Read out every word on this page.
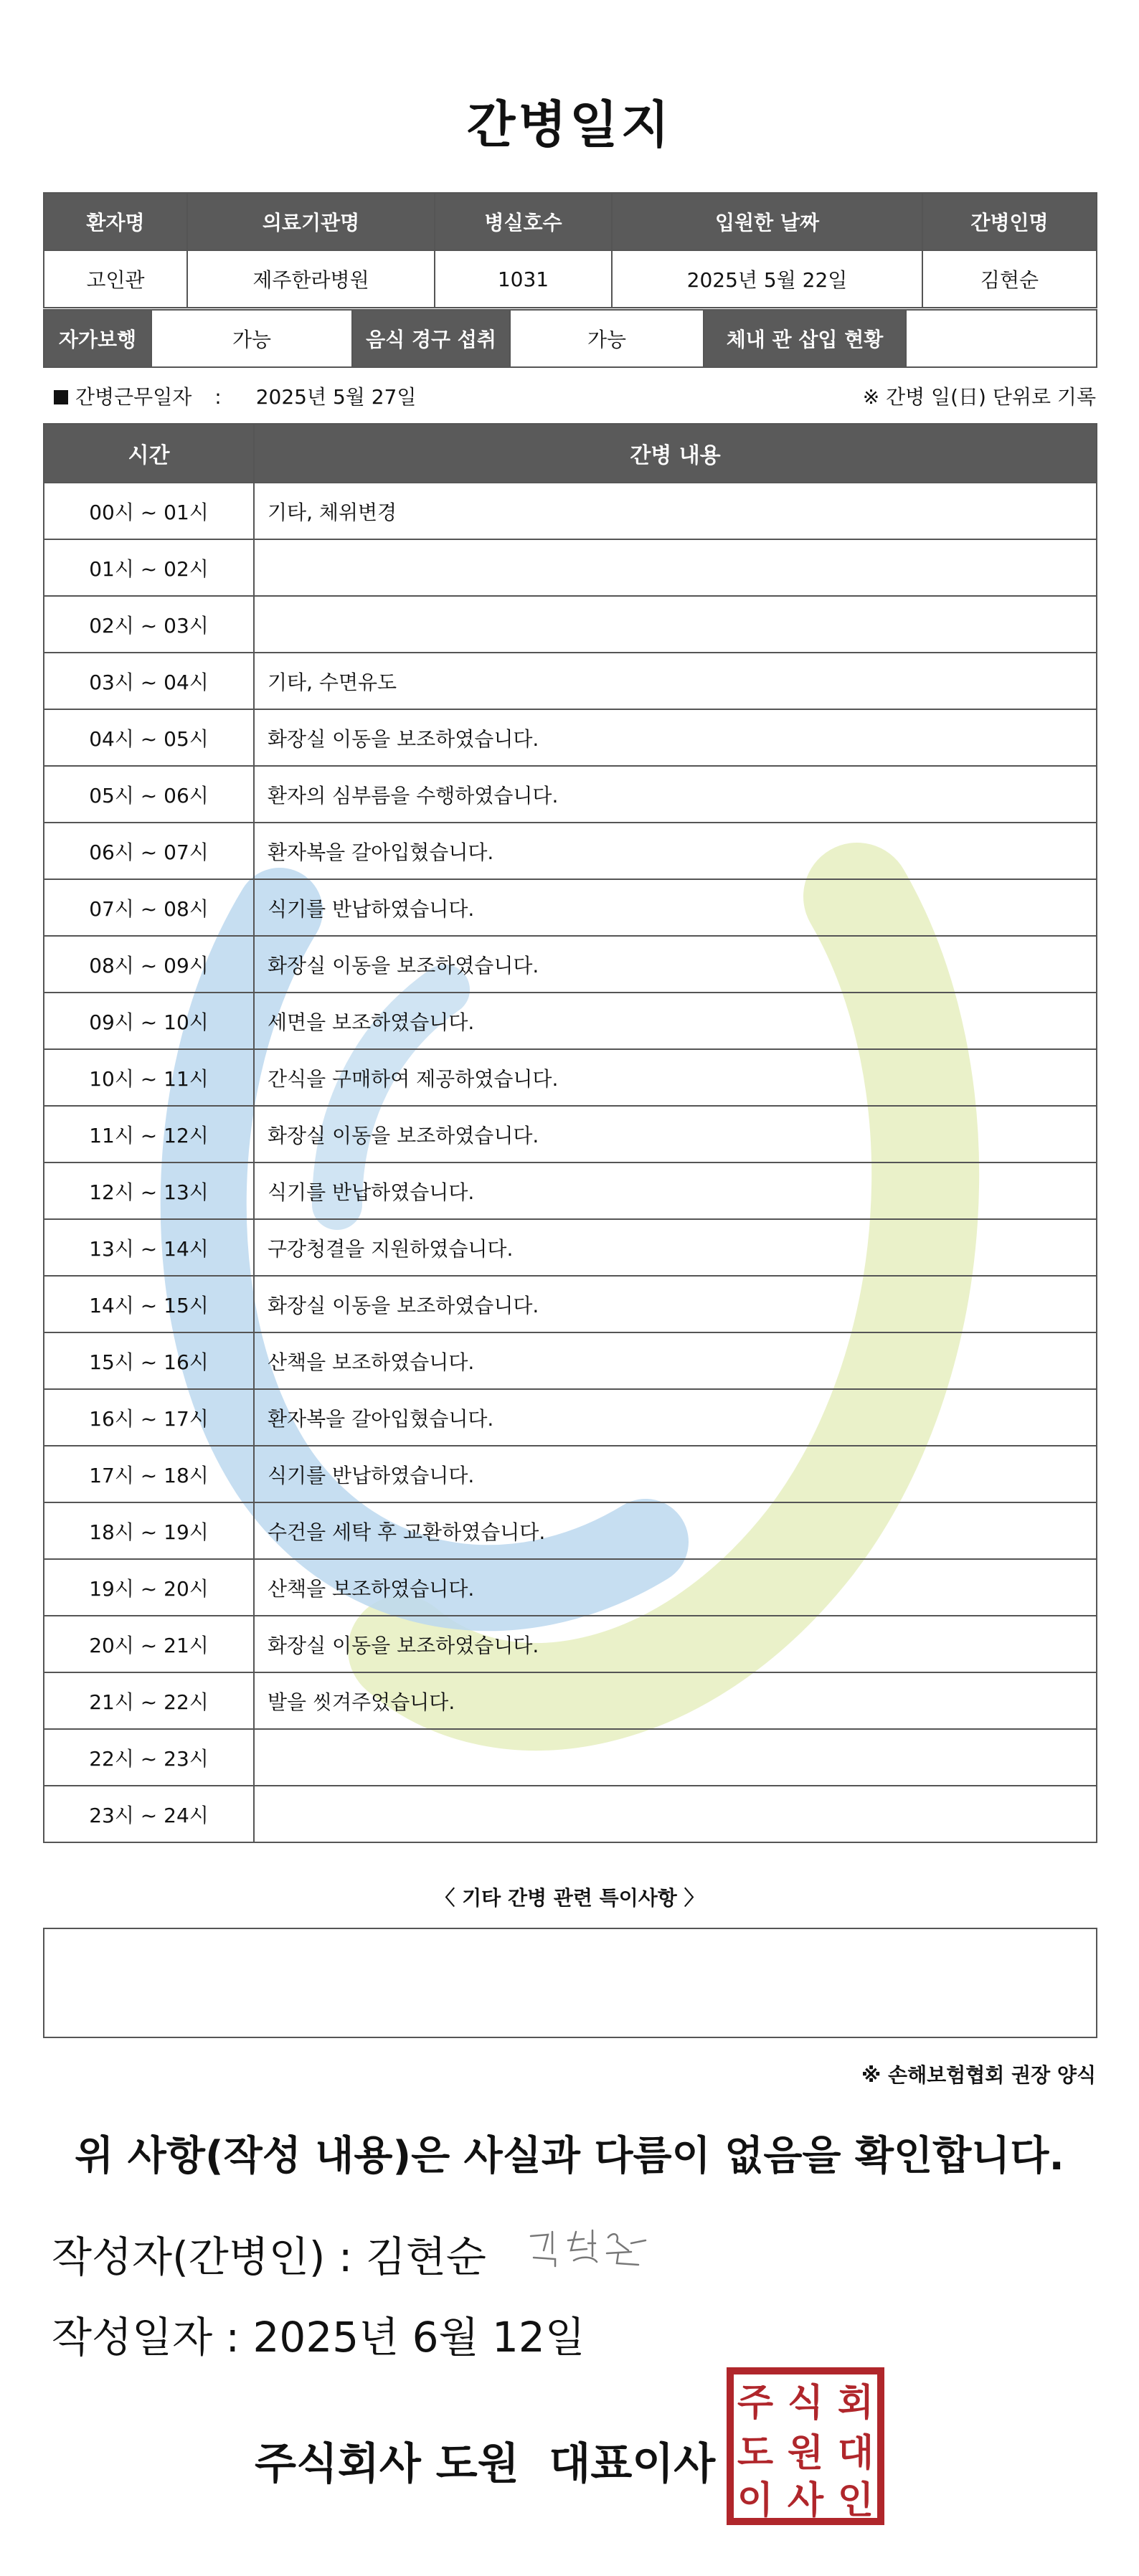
간병일지
환자명	의료기관명	병실호수	입원한 날짜	간병인명
고인관	제주한라병원	1031	2025년 5월 22일	김현순
자가보행	가능	음식 경구 섭취	가능	체내 관 삽입 현황	
간병근무일자 : 2025년 5월 27일	※ 간병 일(日) 단위로 기록
시간	간병 내용
00시 ~ 01시	기타, 체위변경
01시 ~ 02시	
02시 ~ 03시	
03시 ~ 04시	기타, 수면유도
04시 ~ 05시	화장실 이동을 보조하였습니다.
05시 ~ 06시	환자의 심부름을 수행하였습니다.
06시 ~ 07시	환자복을 갈아입혔습니다.
07시 ~ 08시	식기를 반납하였습니다.
08시 ~ 09시	화장실 이동을 보조하였습니다.
09시 ~ 10시	세면을 보조하였습니다.
10시 ~ 11시	간식을 구매하여 제공하였습니다.
11시 ~ 12시	화장실 이동을 보조하였습니다.
12시 ~ 13시	식기를 반납하였습니다.
13시 ~ 14시	구강청결을 지원하였습니다.
14시 ~ 15시	화장실 이동을 보조하였습니다.
15시 ~ 16시	산책을 보조하였습니다.
16시 ~ 17시	환자복을 갈아입혔습니다.
17시 ~ 18시	식기를 반납하였습니다.
18시 ~ 19시	수건을 세탁 후 교환하였습니다.
19시 ~ 20시	산책을 보조하였습니다.
20시 ~ 21시	화장실 이동을 보조하였습니다.
21시 ~ 22시	발을 씻겨주었습니다.
22시 ~ 23시	
23시 ~ 24시	
〈 기타 간병 관련 특이사항 〉
※ 손해보험협회 권장 양식
위 사항(작성 내용)은 사실과 다름이 없음을 확인합니다.
작성자(간병인) : 김현순
작성일자 : 2025년 6월 12일
주식회사 도원  대표이사
주 식 회
도 원 대
이 사 인
